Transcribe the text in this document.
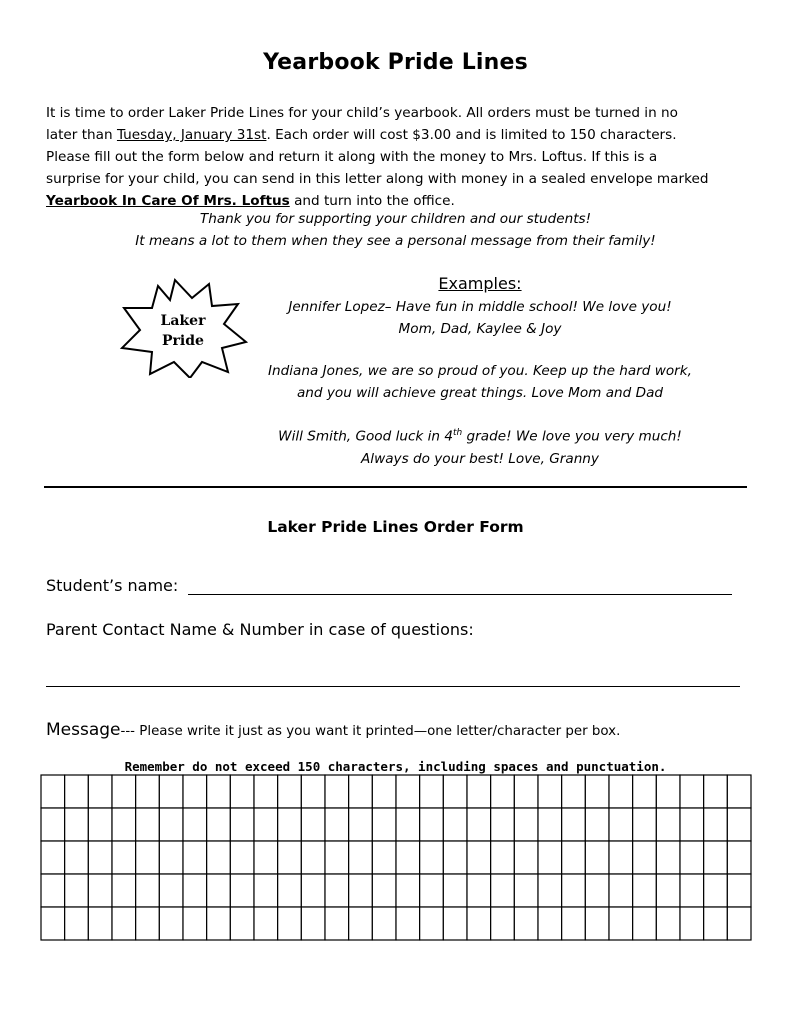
Yearbook Pride Lines
It is time to order Laker Pride Lines for your child’s yearbook. All orders must be turned in no
later than Tuesday, January 31st. Each order will cost $3.00 and is limited to 150 characters.
Please fill out the form below and return it along with the money to Mrs. Loftus. If this is a
surprise for your child, you can send in this letter along with money in a sealed envelope marked
Yearbook In Care Of Mrs. Loftus and turn into the office.
Thank you for supporting your children and our students!
It means a lot to them when they see a personal message from their family!
Laker
Pride
Examples:
Jennifer Lopez– Have fun in middle school! We love you!
Mom, Dad, Kaylee & Joy
Indiana Jones, we are so proud of you. Keep up the hard work,
and you will achieve great things. Love Mom and Dad
Will Smith, Good luck in 4th grade! We love you very much!
Always do your best! Love, Granny
Laker Pride Lines Order Form
Student’s name:
Parent Contact Name & Number in case of questions:
Message--- Please write it just as you want it printed—one letter/character per box.
Remember do not exceed 150 characters, including spaces and punctuation.
